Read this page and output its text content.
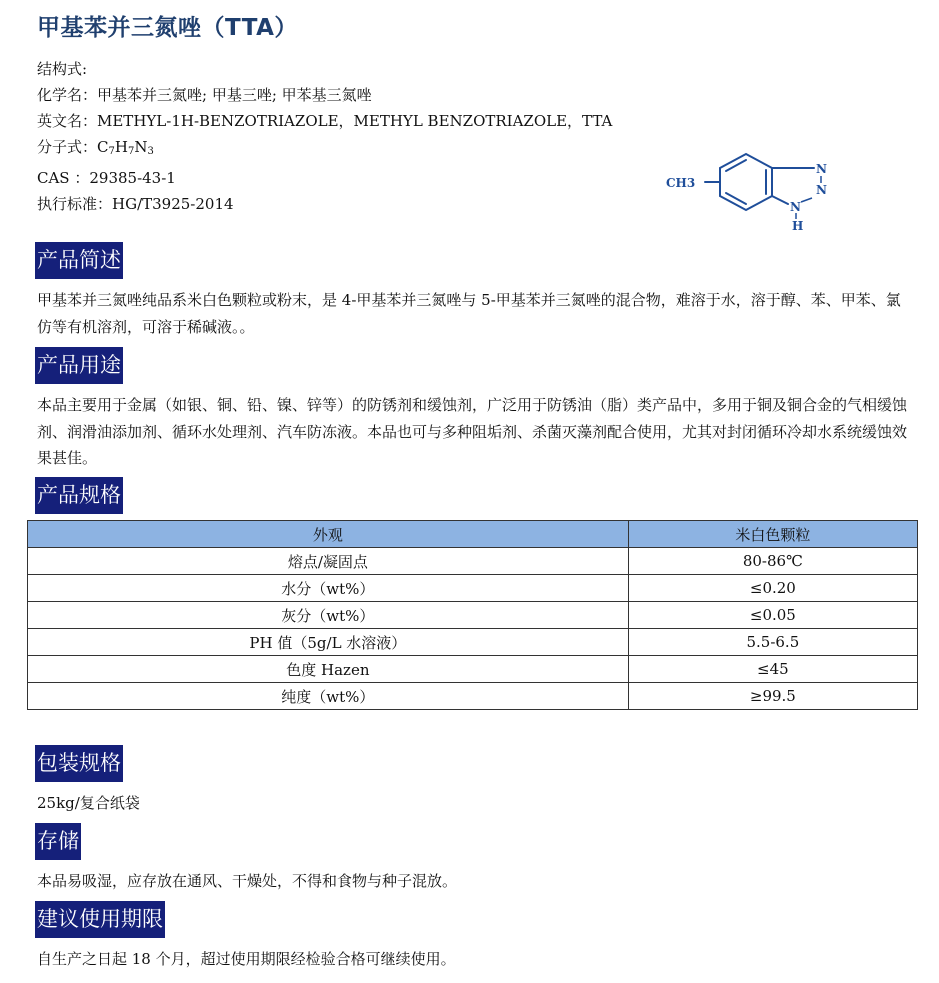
甲基苯并三氮唑（TTA）
结构式:
化学名：甲基苯并三氮唑; 甲基三唑; 甲苯基三氮唑
英文名：METHYL-1H-BENZOTRIAZOLE，METHYL BENZOTRIAZOLE，TTA
分子式：$C_7H_7N_3$
CAS ：29385-43-1
执行标准：HG/T3925-2014
CH3
N
N
N
H
产品简述
甲基苯并三氮唑纯品系米白色颗粒或粉末，是 4-甲基苯并三氮唑与 5-甲基苯并三氮唑的混合物，难溶于水，溶于醇、苯、甲苯、氯仿等有机溶剂，可溶于稀碱液。。
产品用途
本品主要用于金属（如银、铜、铅、镍、锌等）的防锈剂和缓蚀剂，广泛用于防锈油（脂）类产品中，多用于铜及铜合金的气相缓蚀剂、润滑油添加剂、循环水处理剂、汽车防冻液。本品也可与多种阻垢剂、杀菌灭藻剂配合使用，尤其对封闭循环冷却水系统缓蚀效果甚佳。
产品规格
外观	米白色颗粒
熔点/凝固点	80-86℃
水分（wt%）	≤0.20
灰分（wt%）	≤0.05
PH 值（5g/L 水溶液）	5.5-6.5
色度 Hazen	≤45
纯度（wt%）	≥99.5
包装规格
25kg/复合纸袋
存储
本品易吸湿，应存放在通风、干燥处，不得和食物与种子混放。
建议使用期限
自生产之日起 18 个月，超过使用期限经检验合格可继续使用。
